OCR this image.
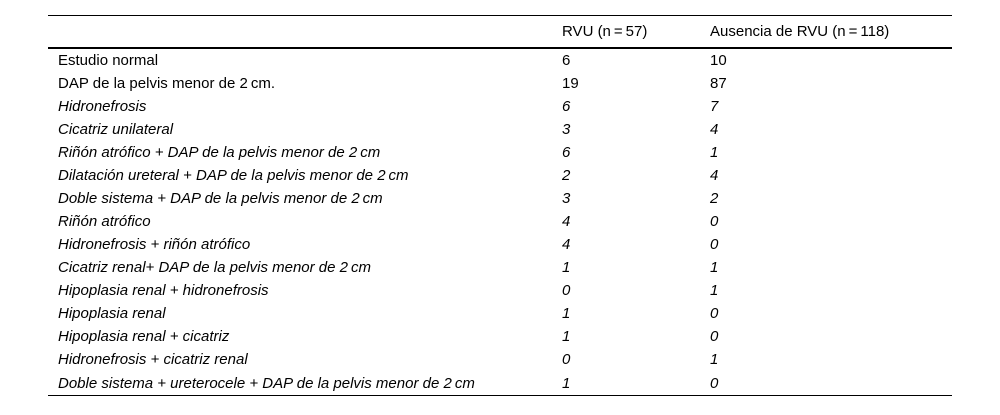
	RVU (n = 57)	Ausencia de RVU (n = 118)
Estudio normal	6	10
DAP de la pelvis menor de 2 cm.	19	87
Hidronefrosis	6	7
Cicatriz unilateral	3	4
Riñón atrófico + DAP de la pelvis menor de 2 cm	6	1
Dilatación ureteral + DAP de la pelvis menor de 2 cm	2	4
Doble sistema + DAP de la pelvis menor de 2 cm	3	2
Riñón atrófico	4	0
Hidronefrosis + riñón atrófico	4	0
Cicatriz renal+ DAP de la pelvis menor de 2 cm	1	1
Hipoplasia renal + hidronefrosis	0	1
Hipoplasia renal	1	0
Hipoplasia renal + cicatriz	1	0
Hidronefrosis + cicatriz renal	0	1
Doble sistema + ureterocele + DAP de la pelvis menor de 2 cm	1	0
